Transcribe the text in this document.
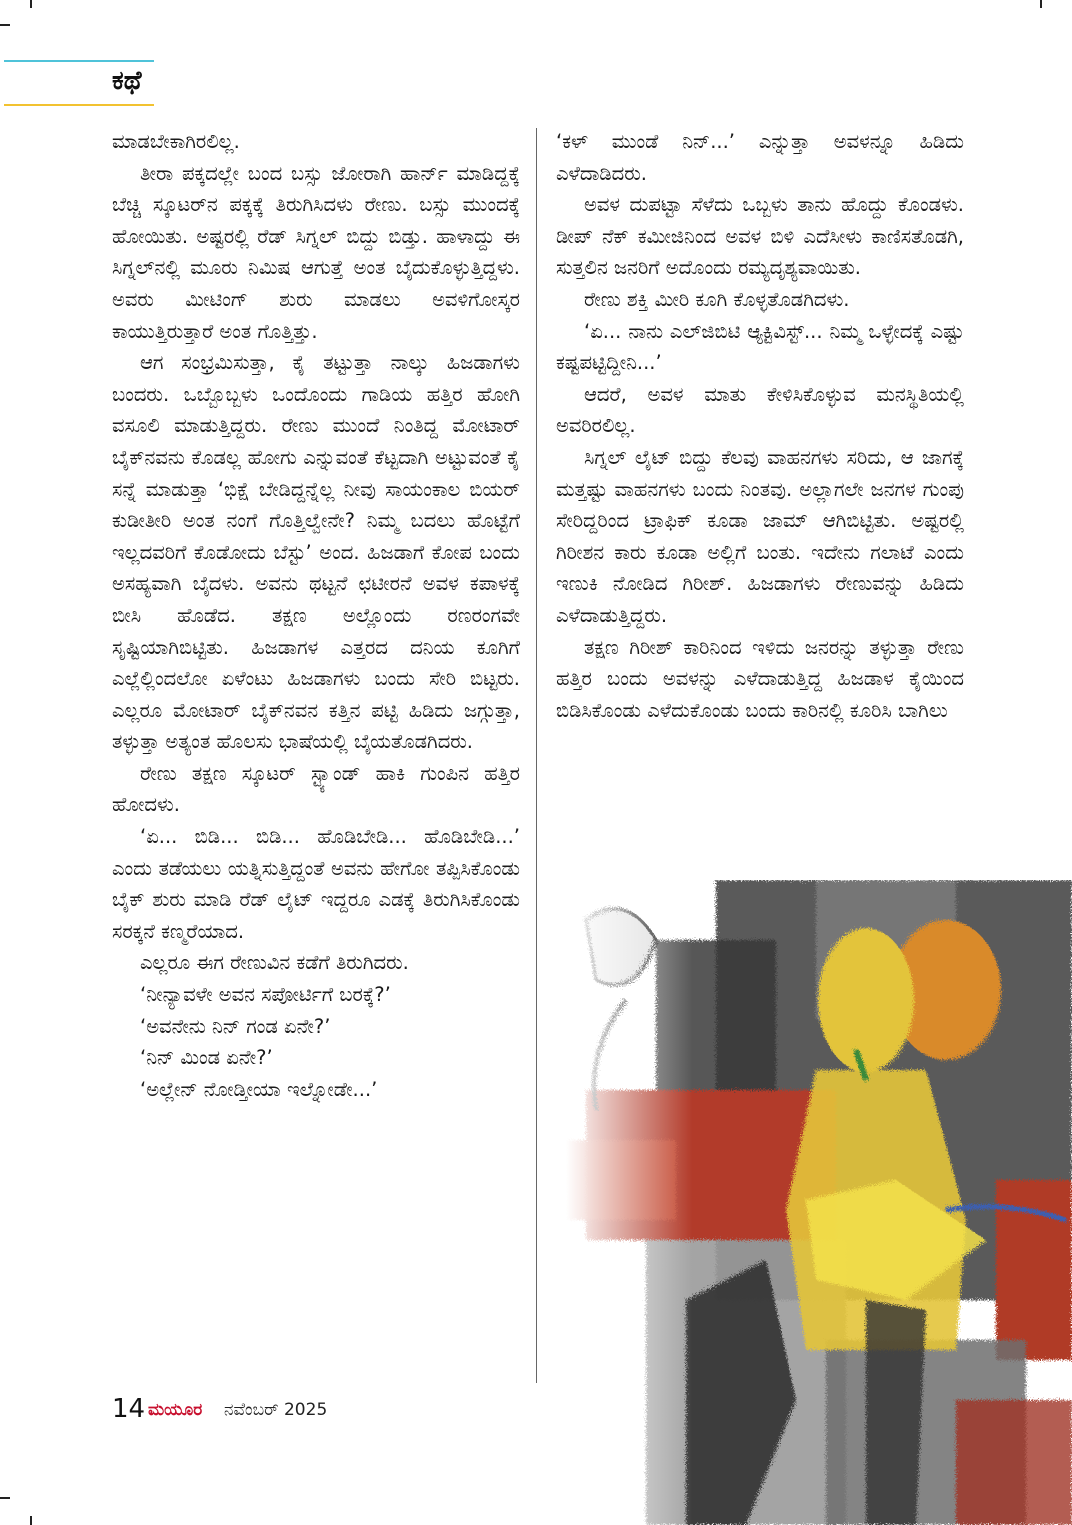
ಕಥೆ

ಮಾಡಬೇಕಾಗಿರಲಿಲ್ಲ.

ತೀರಾ ಪಕ್ಕದಲ್ಲೇ ಬಂದ ಬಸ್ಸು ಜೋರಾಗಿ ಹಾರ್ನ್ ಮಾಡಿದ್ದಕ್ಕೆ ಬೆಚ್ಚಿ ಸ್ಕೂಟರ್‌ನ ಪಕ್ಕಕ್ಕೆ ತಿರುಗಿಸಿದಳು ರೇಣು. ಬಸ್ಸು ಮುಂದಕ್ಕೆ ಹೋಯಿತು. ಅಷ್ಟರಲ್ಲಿ ರೆಡ್ ಸಿಗ್ನಲ್ ಬಿದ್ದು ಬಿಡ್ತು. ಹಾಳಾದ್ದು ಈ ಸಿಗ್ನಲ್‌ನಲ್ಲಿ ಮೂರು ನಿಮಿಷ ಆಗುತ್ತೆ ಅಂತ ಬೈದುಕೊಳ್ಳುತ್ತಿದ್ದಳು. ಅವರು ಮೀಟಿಂಗ್ ಶುರು ಮಾಡಲು ಅವಳಿಗೋಸ್ಕರ ಕಾಯುತ್ತಿರುತ್ತಾರೆ ಅಂತ ಗೊತ್ತಿತ್ತು.

ಆಗ ಸಂಭ್ರಮಿಸುತ್ತಾ, ಕೈ ತಟ್ಟುತ್ತಾ ನಾಲ್ಕು ಹಿಜಡಾಗಳು ಬಂದರು. ಒಬ್ಬೊಬ್ಬಳು ಒಂದೊಂದು ಗಾಡಿಯ ಹತ್ತಿರ ಹೋಗಿ ವಸೂಲಿ ಮಾಡುತ್ತಿದ್ದರು. ರೇಣು ಮುಂದೆ ನಿಂತಿದ್ದ ಮೋಟಾರ್ ಬೈಕ್‌ನವನು ಕೊಡಲ್ಲ ಹೋಗು ಎನ್ನುವಂತೆ ಕೆಟ್ಟದಾಗಿ ಅಟ್ಟುವಂತೆ ಕೈ ಸನ್ನೆ ಮಾಡುತ್ತಾ ‘ಭಿಕ್ಷೆ ಬೇಡಿದ್ದನ್ನೆಲ್ಲ ನೀವು ಸಾಯಂಕಾಲ ಬಿಯರ್ ಕುಡೀತೀರಿ ಅಂತ ನಂಗೆ ಗೊತ್ತಿಲ್ವೇನೇ? ನಿಮ್ಮ ಬದಲು ಹೊಟ್ಟೆಗೆ ಇಲ್ಲದವರಿಗೆ ಕೊಡೋದು ಬೆಸ್ಟು’ ಅಂದ. ಹಿಜಡಾಗೆ ಕೋಪ ಬಂದು ಅಸಹ್ಯವಾಗಿ ಬೈದಳು. ಅವನು ಥಟ್ಟನೆ ಛಟೀರನೆ ಅವಳ ಕಪಾಳಕ್ಕೆ ಬೀಸಿ ಹೊಡೆದ. ತಕ್ಷಣ ಅಲ್ಲೊಂದು ರಣರಂಗವೇ ಸೃಷ್ಟಿಯಾಗಿಬಿಟ್ಟಿತು. ಹಿಜಡಾಗಳ ಎತ್ತರದ ದನಿಯ ಕೂಗಿಗೆ ಎಲ್ಲೆಲ್ಲಿಂದಲೋ ಏಳೆಂಟು ಹಿಜಡಾಗಳು ಬಂದು ಸೇರಿ ಬಿಟ್ಟರು. ಎಲ್ಲರೂ ಮೋಟಾರ್ ಬೈಕ್‌ನವನ ಕತ್ತಿನ ಪಟ್ಟಿ ಹಿಡಿದು ಜಗ್ಗುತ್ತಾ, ತಳ್ಳುತ್ತಾ ಅತ್ಯಂತ ಹೊಲಸು ಭಾಷೆಯಲ್ಲಿ ಬೈಯತೊಡಗಿದರು.

ರೇಣು ತಕ್ಷಣ ಸ್ಕೂಟರ್ ಸ್ಟ್ಯಾಂಡ್ ಹಾಕಿ ಗುಂಪಿನ ಹತ್ತಿರ ಹೋದಳು.

‘ಏ... ಬಿಡಿ... ಬಿಡಿ... ಹೊಡಿಬೇಡಿ... ಹೊಡಿಬೇಡಿ...’ ಎಂದು ತಡೆಯಲು ಯತ್ನಿಸುತ್ತಿದ್ದಂತೆ ಅವನು ಹೇಗೋ ತಪ್ಪಿಸಿಕೊಂಡು ಬೈಕ್ ಶುರು ಮಾಡಿ ರೆಡ್ ಲೈಟ್ ಇದ್ದರೂ ಎಡಕ್ಕೆ ತಿರುಗಿಸಿಕೊಂಡು ಸರಕ್ಕನೆ ಕಣ್ಮರೆಯಾದ.

ಎಲ್ಲರೂ ಈಗ ರೇಣುವಿನ ಕಡೆಗೆ ತಿರುಗಿದರು.

‘ನೀನ್ಯಾವಳೇ ಅವನ ಸಪೋರ್ಟಿಗೆ ಬರಕ್ಕೆ?’

‘ಅವನೇನು ನಿನ್ ಗಂಡ ಏನೇ?’

‘ನಿನ್ ಮಿಂಡ ಏನೇ?’

‘ಅಲ್ಲೇನ್ ನೋಡ್ತೀಯಾ ಇಲ್ನೋಡೇ...’

‘ಕಳ್ ಮುಂಡೆ ನಿನ್...’ ಎನ್ನುತ್ತಾ ಅವಳನ್ನೂ ಹಿಡಿದು ಎಳೆದಾಡಿದರು.

ಅವಳ ದುಪಟ್ಟಾ ಸೆಳೆದು ಒಬ್ಬಳು ತಾನು ಹೊದ್ದು ಕೊಂಡಳು. ಡೀಪ್ ನೆಕ್ ಕಮೀಜಿನಿಂದ ಅವಳ ಬಿಳಿ ಎದೆಸೀಳು ಕಾಣಿಸತೊಡಗಿ, ಸುತ್ತಲಿನ ಜನರಿಗೆ ಅದೊಂದು ರಮ್ಯದೃಶ್ಯವಾಯಿತು.

ರೇಣು ಶಕ್ತಿ ಮೀರಿ ಕೂಗಿ ಕೊಳ್ಳತೊಡಗಿದಳು.

‘ಏ... ನಾನು ಎಲ್‌ಜಿಬಿಟಿ ಆ್ಯಕ್ಟಿವಿಸ್ಟ್... ನಿಮ್ಮ ಒಳ್ಳೇದಕ್ಕೆ ಎಷ್ಟು ಕಷ್ಟಪಟ್ಟಿದ್ದೀನಿ...’

ಆದರೆ, ಅವಳ ಮಾತು ಕೇಳಿಸಿಕೊಳ್ಳುವ ಮನಸ್ಥಿತಿಯಲ್ಲಿ ಅವರಿರಲಿಲ್ಲ.

ಸಿಗ್ನಲ್ ಲೈಟ್ ಬಿದ್ದು ಕೆಲವು ವಾಹನಗಳು ಸರಿದು, ಆ ಜಾಗಕ್ಕೆ ಮತ್ತಷ್ಟು ವಾಹನಗಳು ಬಂದು ನಿಂತವು. ಅಲ್ಲಾಗಲೇ ಜನಗಳ ಗುಂಪು ಸೇರಿದ್ದರಿಂದ ಟ್ರಾಫಿಕ್ ಕೂಡಾ ಜಾಮ್ ಆಗಿಬಿಟ್ಟಿತು. ಅಷ್ಟರಲ್ಲಿ ಗಿರೀಶನ ಕಾರು ಕೂಡಾ ಅಲ್ಲಿಗೆ ಬಂತು. ಇದೇನು ಗಲಾಟೆ ಎಂದು ಇಣುಕಿ ನೋಡಿದ ಗಿರೀಶ್. ಹಿಜಡಾಗಳು ರೇಣುವನ್ನು ಹಿಡಿದು ಎಳೆದಾಡುತ್ತಿದ್ದರು.

ತಕ್ಷಣ ಗಿರೀಶ್ ಕಾರಿನಿಂದ ಇಳಿದು ಜನರನ್ನು ತಳ್ಳುತ್ತಾ ರೇಣು ಹತ್ತಿರ ಬಂದು ಅವಳನ್ನು ಎಳೆದಾಡುತ್ತಿದ್ದ ಹಿಜಡಾಳ ಕೈಯಿಂದ ಬಿಡಿಸಿಕೊಂಡು ಎಳೆದುಕೊಂಡು ಬಂದು ಕಾರಿನಲ್ಲಿ ಕೂರಿಸಿ ಬಾಗಿಲು

14 ಮಯೂರ ನವೆಂಬರ್ 2025
